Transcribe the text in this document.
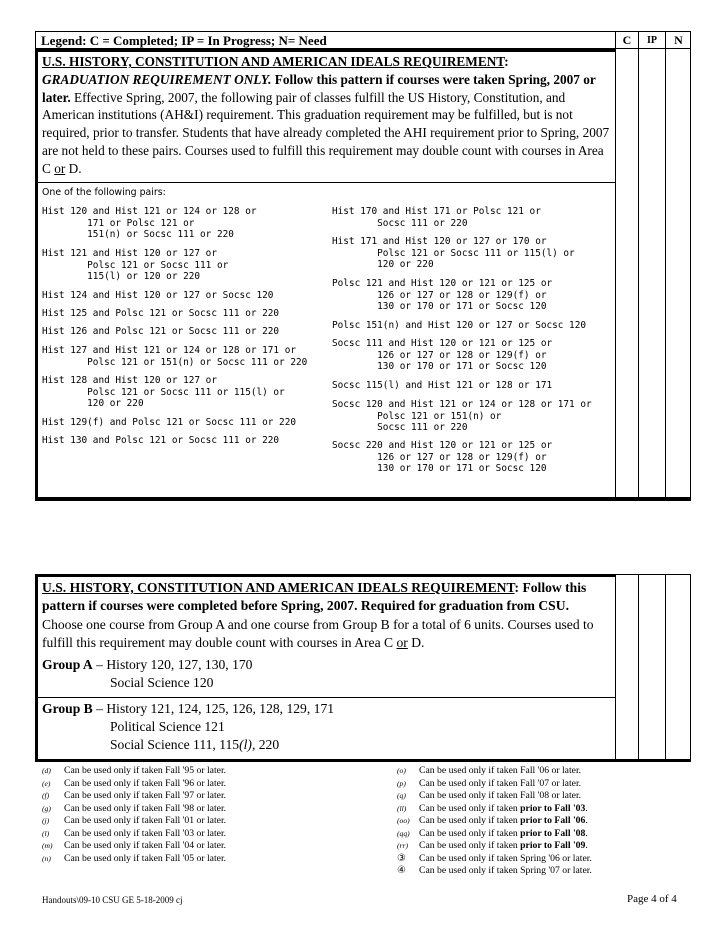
Legend: C = Completed; IP = In Progress; N= Need	C	IP	N
U.S. HISTORY, CONSTITUTION AND AMERICAN IDEALS REQUIREMENT:
GRADUATION REQUIREMENT ONLY. Follow this pattern if courses were taken Spring, 2007 or later. Effective Spring, 2007, the following pair of classes fulfill the US History, Constitution, and American institutions (AH&I) requirement. This graduation requirement may be fulfilled, but is not required, prior to transfer. Students that have already completed the AHI requirement prior to Spring, 2007 are not held to these pairs. Courses used to fulfill this requirement may double count with courses in Area C or D.
One of the following pairs:
Hist 120 and Hist 121 or 124 or 128 or
171 or Polsc 121 or
151(n) or Socsc 111 or 220
Hist 121 and Hist 120 or 127 or
Polsc 121 or Socsc 111 or
115(l) or 120 or 220
Hist 124 and Hist 120 or 127 or Socsc 120
Hist 125 and Polsc 121 or Socsc 111 or 220
Hist 126 and Polsc 121 or Socsc 111 or 220
Hist 127 and Hist 121 or 124 or 128 or 171 or
Polsc 121 or 151(n) or Socsc 111 or 220
Hist 128 and Hist 120 or 127 or
Polsc 121 or Socsc 111 or 115(l) or
120 or 220
Hist 129(f) and Polsc 121 or Socsc 111 or 220
Hist 130 and Polsc 121 or Socsc 111 or 220
Hist 170 and Hist 171 or Polsc 121 or
Socsc 111 or 220
Hist 171 and Hist 120 or 127 or 170 or
Polsc 121 or Socsc 111 or 115(l) or
120 or 220
Polsc 121 and Hist 120 or 121 or 125 or
126 or 127 or 128 or 129(f) or
130 or 170 or 171 or Socsc 120
Polsc 151(n) and Hist 120 or 127 or Socsc 120
Socsc 111 and Hist 120 or 121 or 125 or
126 or 127 or 128 or 129(f) or
130 or 170 or 171 or Socsc 120
Socsc 115(l) and Hist 121 or 128 or 171
Socsc 120 and Hist 121 or 124 or 128 or 171 or
Polsc 121 or 151(n) or
Socsc 111 or 220
Socsc 220 and Hist 120 or 121 or 125 or
126 or 127 or 128 or 129(f) or
130 or 170 or 171 or Socsc 120
U.S. HISTORY, CONSTITUTION AND AMERICAN IDEALS REQUIREMENT: Follow this pattern if courses were completed before Spring, 2007. Required for graduation from CSU. Choose one course from Group A and one course from Group B for a total of 6 units. Courses used to fulfill this requirement may double count with courses in Area C or D.
Group A – History 120, 127, 130, 170
Social Science 120
Group B – History 121, 124, 125, 126, 128, 129, 171
Political Science 121
Social Science 111, 115(l), 220
(d) Can be used only if taken Fall '95 or later.
(e) Can be used only if taken Fall '96 or later.
(f) Can be used only if taken Fall '97 or later.
(g) Can be used only if taken Fall '98 or later.
(j) Can be used only if taken Fall '01 or later.
(l) Can be used only if taken Fall '03 or later.
(m) Can be used only if taken Fall '04 or later.
(n) Can be used only if taken Fall '05 or later.
(o) Can be used only if taken Fall '06 or later.
(p) Can be used only if taken Fall '07 or later.
(q) Can be used only if taken Fall '08 or later.
(ll) Can be used only if taken prior to Fall '03.
(oo) Can be used only if taken prior to Fall '06.
(qq) Can be used only if taken prior to Fall '08.
(rr) Can be used only if taken prior to Fall '09.
③ Can be used only if taken Spring '06 or later.
④ Can be used only if taken Spring '07 or later.
Handouts\09-10 CSU GE 5-18-2009 cj	Page 4 of 4
